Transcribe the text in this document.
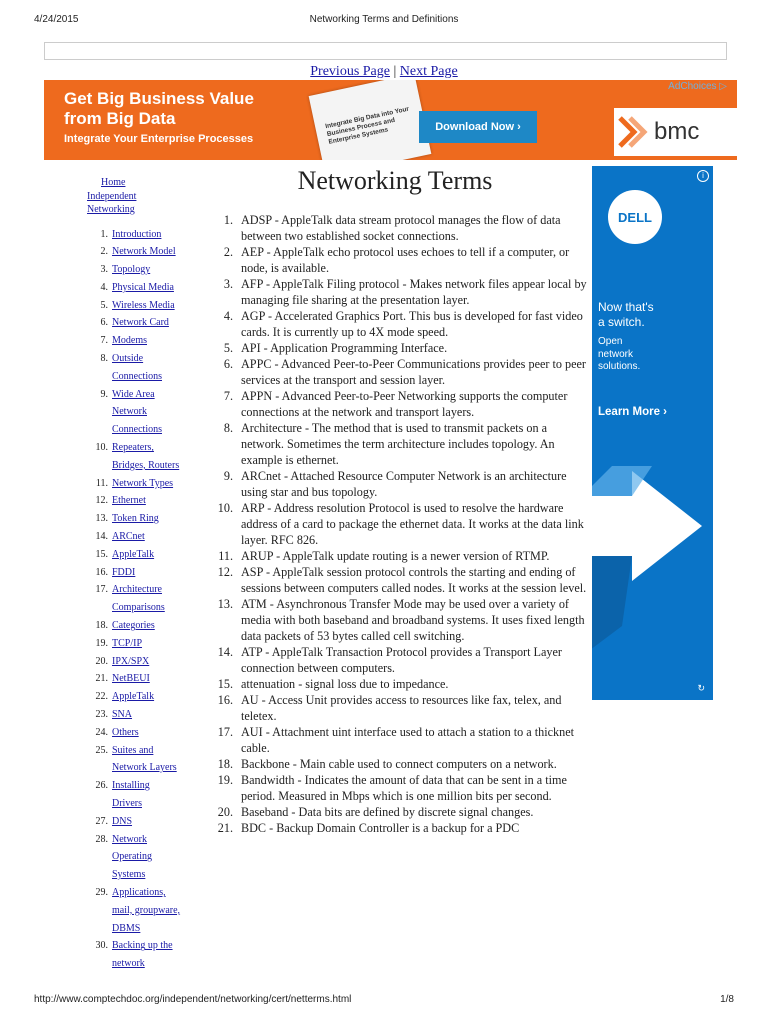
4/24/2015	Networking Terms and Definitions
Previous Page | Next Page
Get Big Business Value
from Big Data
Integrate Your Enterprise Processes
Integrate Big Data into Your Business Process and Enterprise Systems	Download Now ›
AdChoices ▷
bmc
Home
Independent
Networking
1. Introduction
2. Network Model
3. Topology
4. Physical Media
5. Wireless Media
6. Network Card
7. Modems
8. Outside
Connections
9. Wide Area
Network
Connections
10. Repeaters,
Bridges, Routers
11. Network Types
12. Ethernet
13. Token Ring
14. ARCnet
15. AppleTalk
16. FDDI
17. Architecture
Comparisons
18. Categories
19. TCP/IP
20. IPX/SPX
21. NetBEUI
22. AppleTalk
23. SNA
24. Others
25. Suites and
Network Layers
26. Installing
Drivers
27. DNS
28. Network
Operating
Systems
29. Applications,
mail, groupware,
DBMS
30. Backing up the
network
Networking Terms
1. ADSP - AppleTalk data stream protocol manages the flow of data between two established socket connections.
2. AEP - AppleTalk echo protocol uses echoes to tell if a computer, or node, is available.
3. AFP - AppleTalk Filing protocol - Makes network files appear local by managing file sharing at the presentation layer.
4. AGP - Accelerated Graphics Port. This bus is developed for fast video cards. It is currently up to 4X mode speed.
5. API - Application Programming Interface.
6. APPC - Advanced Peer-to-Peer Communications provides peer to peer services at the transport and session layer.
7. APPN - Advanced Peer-to-Peer Networking supports the computer connections at the network and transport layers.
8. Architecture - The method that is used to transmit packets on a network. Sometimes the term architecture includes topology. An example is ethernet.
9. ARCnet - Attached Resource Computer Network is an architecture using star and bus topology.
10. ARP - Address resolution Protocol is used to resolve the hardware address of a card to package the ethernet data. It works at the data link layer. RFC 826.
11. ARUP - AppleTalk update routing is a newer version of RTMP.
12. ASP - AppleTalk session protocol controls the starting and ending of sessions between computers called nodes. It works at the session level.
13. ATM - Asynchronous Transfer Mode may be used over a variety of media with both baseband and broadband systems. It uses fixed length data packets of 53 bytes called cell switching.
14. ATP - AppleTalk Transaction Protocol provides a Transport Layer connection between computers.
15. attenuation - signal loss due to impedance.
16. AU - Access Unit provides access to resources like fax, telex, and teletex.
17. AUI - Attachment uint interface used to attach a station to a thicknet cable.
18. Backbone - Main cable used to connect computers on a network.
19. Bandwidth - Indicates the amount of data that can be sent in a time period. Measured in Mbps which is one million bits per second.
20. Baseband - Data bits are defined by discrete signal changes.
21. BDC - Backup Domain Controller is a backup for a PDC
i
DELL
Now that's
a switch.
Open
network
solutions.
Learn More ›
↻
http://www.comptechdoc.org/independent/networking/cert/netterms.html	1/8
